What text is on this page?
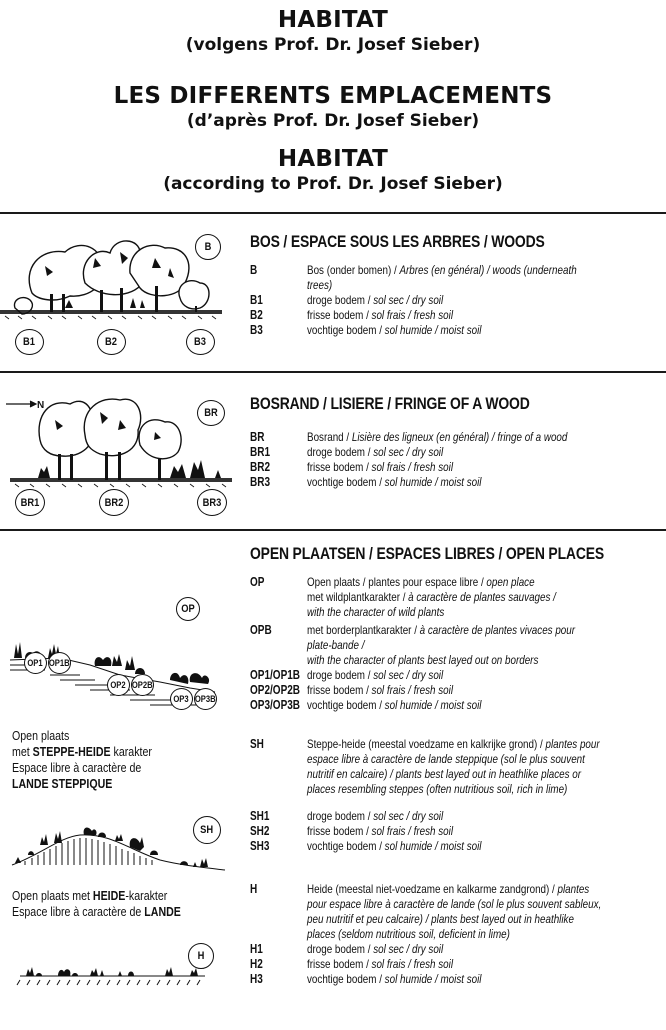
HABITAT
(volgens Prof. Dr. Josef Sieber)
LES DIFFERENTS EMPLACEMENTS
(d’après Prof. Dr. Josef Sieber)
HABITAT
(according to Prof. Dr. Josef Sieber)
B
B1	B2	B3
BOS / ESPACE SOUS LES ARBRES / WOODS
B	Bos (onder bomen) / Arbres (en général) / woods (underneath trees)
B1	droge bodem / sol sec / dry soil
B2	frisse bodem / sol frais / fresh soil
B3	vochtige bodem / sol humide / moist soil
N
BR
BR1	BR2	BR3
BOSRAND / LISIERE / FRINGE OF A WOOD
BR	Bosrand / Lisière des ligneux (en général) / fringe of a wood
BR1	droge bodem / sol sec / dry soil
BR2	frisse bodem / sol frais / fresh soil
BR3	vochtige bodem / sol humide / moist soil
OP
OP1 OP1B
OP2 OP2B
OP3 OP3B
OPEN PLAATSEN / ESPACES LIBRES / OPEN PLACES
OP	Open plaats / plantes pour espace libre / open place
met wildplantkarakter / à caractère de plantes sauvages /
with the character of wild plants
OPB	met borderplantkarakter / à caractère de plantes vivaces pour plate-bande /
with the character of plants best layed out on borders
OP1/OP1B droge bodem / sol sec / dry soil
OP2/OP2B frisse bodem / sol frais / fresh soil
OP3/OP3B vochtige bodem / sol humide / moist soil
Open plaats
met STEPPE-HEIDE karakter
Espace libre à caractère de
LANDE STEPPIQUE
SH
SH	Steppe-heide (meestal voedzame en kalkrijke grond) / plantes pour espace libre à caractère de lande steppique (sol le plus souvent nutritif en calcaire) / plants best layed out in heathlike places or places resembling steppes (often nutritious soil, rich in lime)
SH1	droge bodem / sol sec / dry soil
SH2	frisse bodem / sol frais / fresh soil
SH3	vochtige bodem / sol humide / moist soil
Open plaats met HEIDE-karakter
Espace libre à caractère de LANDE
H
H	Heide (meestal niet-voedzame en kalkarme zandgrond) / plantes pour espace libre à caractère de lande (sol le plus souvent sableux, peu nutritif et peu calcaire) / plants best layed out in heathlike places (seldom nutritious soil, deficient in lime)
H1	droge bodem / sol sec / dry soil
H2	frisse bodem / sol frais / fresh soil
H3	vochtige bodem / sol humide / moist soil
